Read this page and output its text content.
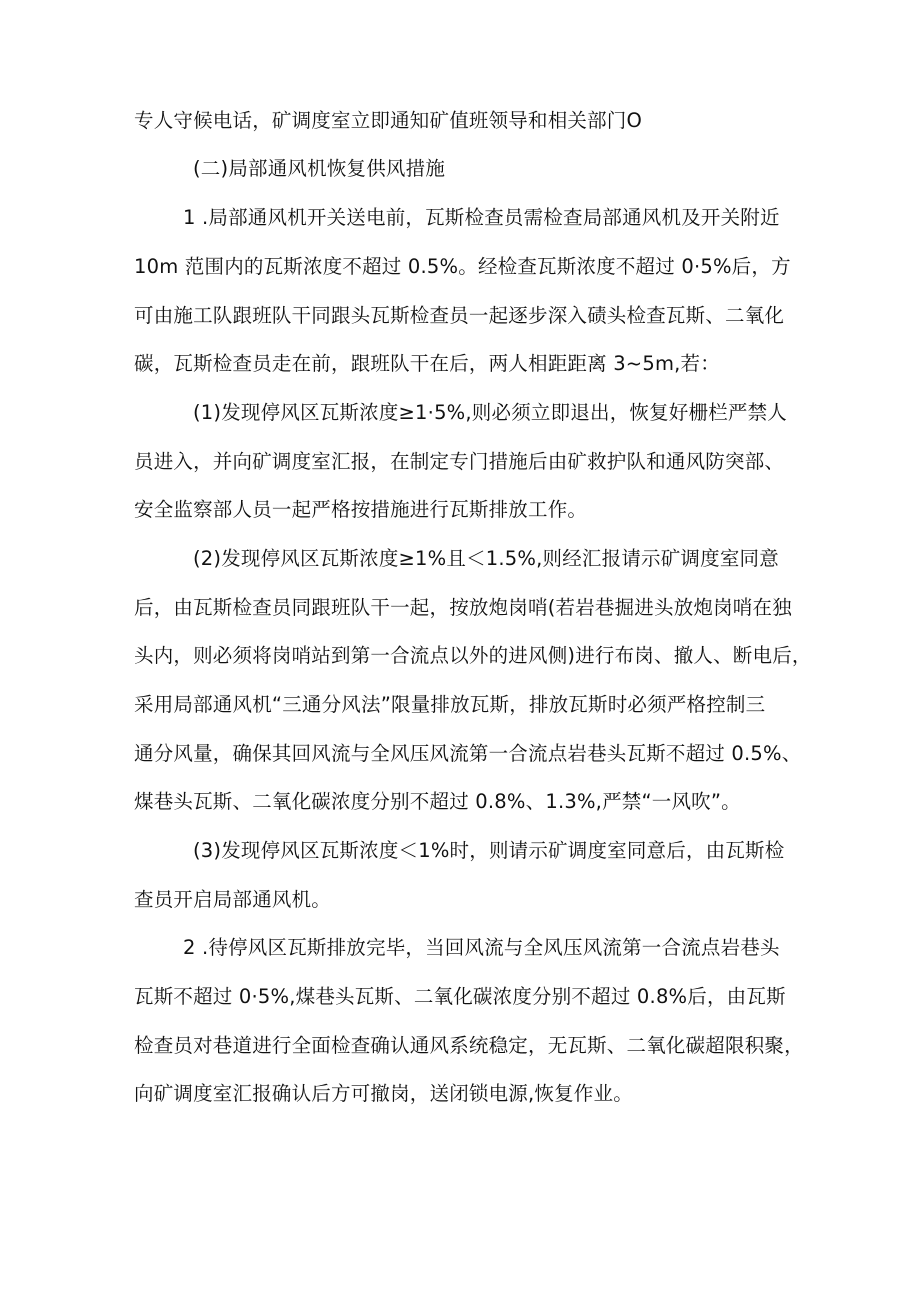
专人守候电话，矿调度室立即通知矿值班领导和相关部门O
(二)局部通风机恢复供风措施
1 .局部通风机开关送电前，瓦斯检查员需检查局部通风机及开关附近
10m 范围内的瓦斯浓度不超过 0.5%。经检查瓦斯浓度不超过 0·5%后，方
可由施工队跟班队干同跟头瓦斯检查员一起逐步深入碛头检查瓦斯、二氧化
碳，瓦斯检查员走在前，跟班队干在后，两人相距距离 3~5m,若：
(1)发现停风区瓦斯浓度≥1·5%,则必须立即退出，恢复好栅栏严禁人
员进入，并向矿调度室汇报，在制定专门措施后由矿救护队和通风防突部、
安全监察部人员一起严格按措施进行瓦斯排放工作。
(2)发现停风区瓦斯浓度≥1%且＜1.5%,则经汇报请示矿调度室同意
后，由瓦斯检查员同跟班队干一起，按放炮岗哨(若岩巷掘进头放炮岗哨在独
头内，则必须将岗哨站到第一合流点以外的进风侧)进行布岗、撤人、断电后，
采用局部通风机“三通分风法”限量排放瓦斯，排放瓦斯时必须严格控制三
通分风量，确保其回风流与全风压风流第一合流点岩巷头瓦斯不超过 0.5%、
煤巷头瓦斯、二氧化碳浓度分别不超过 0.8%、1.3%,严禁“一风吹”。
(3)发现停风区瓦斯浓度＜1%时，则请示矿调度室同意后，由瓦斯检
查员开启局部通风机。
2 .待停风区瓦斯排放完毕，当回风流与全风压风流第一合流点岩巷头
瓦斯不超过 0·5%,煤巷头瓦斯、二氧化碳浓度分别不超过 0.8%后，由瓦斯
检查员对巷道进行全面检查确认通风系统稳定，无瓦斯、二氧化碳超限积聚，
向矿调度室汇报确认后方可撤岗，送闭锁电源,恢复作业。
